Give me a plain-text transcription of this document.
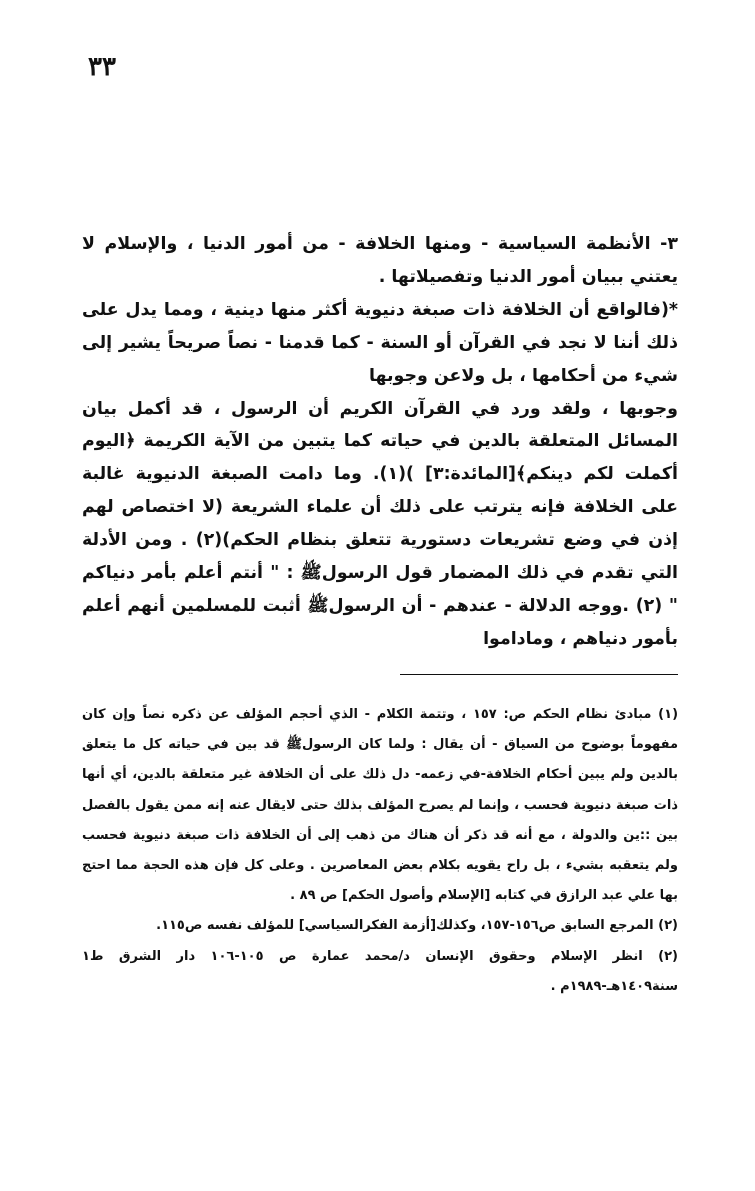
٣٣

٣- الأنظمة السياسية - ومنها الخلافة - من أمور الدنيا ، والإسلام لا يعتني ببيان أمور الدنيا وتفصيلاتها .

*(فالواقع أن الخلافة ذات صبغة دنيوية أكثر منها دينية ، ومما يدل على ذلك أننا لا نجد في القرآن أو السنة - كما قدمنا - نصاً صريحاً يشير إلى شيء من أحكامها ، بل ولاعن وجوبها

وجوبها ، ولقد ورد في القرآن الكريم أن الرسول ، قد أكمل بيان المسائل المتعلقة بالدين في حياته كما يتبين من الآية الكريمة ﴿اليوم أكملت لكم دينكم﴾[المائدة:٣] )(١). وما دامت الصبغة الدنيوية غالبة على الخلافة فإنه يترتب على ذلك أن علماء الشريعة (لا اختصاص لهم إذن في وضع تشريعات دستورية تتعلق بنظام الحكم)(٢) . ومن الأدلة التي تقدم في ذلك المضمار قول الرسولﷺ : " أنتم أعلم بأمر دنياكم " (٢) .ووجه الدلالة - عندهم - أن الرسولﷺ أثبت للمسلمين أنهم أعلم بأمور دنياهم ، وماداموا

(١) مبادئ نظام الحكم ص: ١٥٧ ، وتتمة الكلام - الذي أحجم المؤلف عن ذكره نصاً وإن كان مفهوماً بوضوح من السياق - أن يقال : ولما كان الرسولﷺ قد بين في حياته كل ما يتعلق بالدين ولم يبين أحكام الخلافة-في زعمه- دل ذلك على أن الخلافة غير متعلقة بالدين، أي أنها ذات صبغة دنيوية فحسب ، وإنما لم يصرح المؤلف بذلك حتى لايقال عنه إنه ممن يقول بالفصل بين ::ين والدولة ، مع أنه قد ذكر أن هناك من ذهب إلى أن الخلافة ذات صبغة دنيوية فحسب ولم يتعقبه بشيء ، بل راح يقويه بكلام بعض المعاصرين . وعلى كل فإن هذه الحجة مما احتج بها علي عبد الرازق في كتابه [الإسلام وأصول الحكم] ص ٨٩ .

(٢) المرجع السابق ص١٥٦-١٥٧، وكذلك[أزمة الفكرالسياسي] للمؤلف نفسه ص١١٥.

(٢) انظر الإسلام وحقوق الإنسان د/محمد عمارة ص ١٠٥-١٠٦ دار الشرق ط١ سنة١٤٠٩هـ-١٩٨٩م .
